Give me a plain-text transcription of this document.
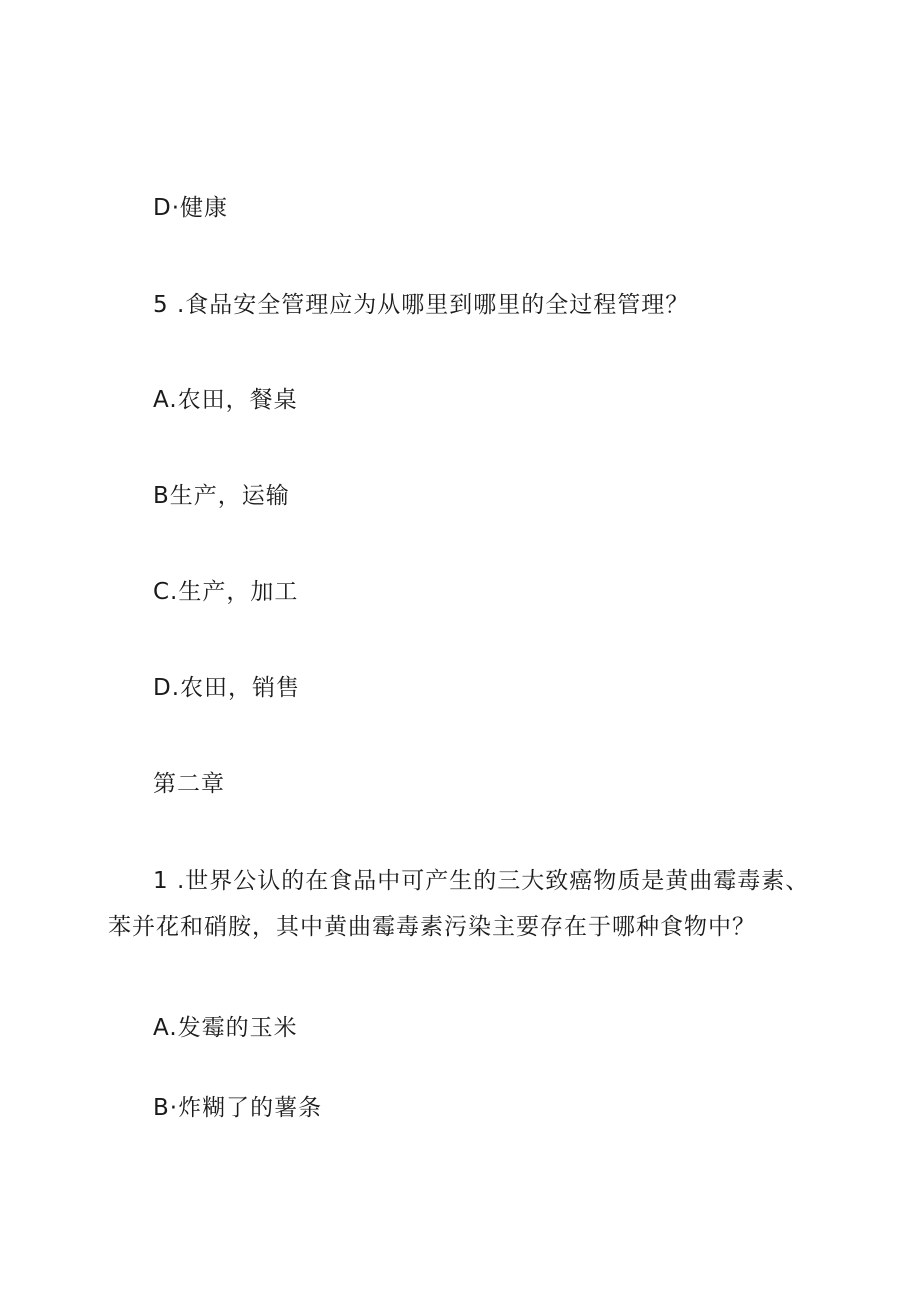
D·健康
5 .食品安全管理应为从哪里到哪里的全过程管理？
A.农田，餐桌
B生产，运输
C.生产，加工
D.农田，销售
第二章
1 .世界公认的在食品中可产生的三大致癌物质是黄曲霉毒素、
苯并花和硝胺，其中黄曲霉毒素污染主要存在于哪种食物中？
A.发霉的玉米
B·炸糊了的薯条
